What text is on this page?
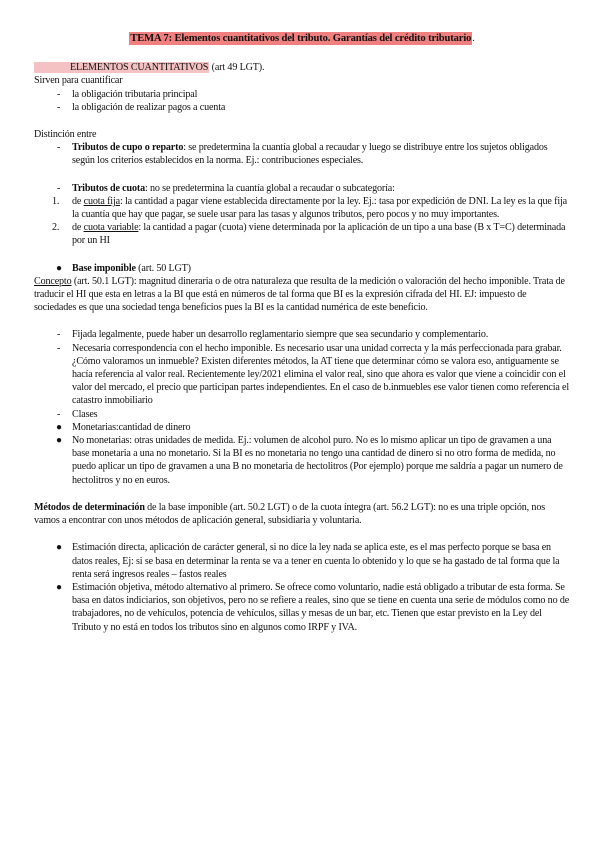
TEMA 7: Elementos cuantitativos del tributo. Garantías del crédito tributario.

ELEMENTOS CUANTITATIVOS (art 49 LGT).

Sirven para cuantificar

- la obligación tributaria principal
- la obligación de realizar pagos a cuenta

Distinción entre

- Tributos de cupo o reparto: se predetermina la cuantía global a recaudar y luego se distribuye entre los sujetos obligados según los criterios establecidos en la norma. Ej.: contribuciones especiales.
- Tributos de cuota: no se predetermina la cuantía global a recaudar o subcategoría:
1. de cuota fija: la cantidad a pagar viene establecida directamente por la ley. Ej.: tasa por expedición de DNI. La ley es la que fija la cuantía que hay que pagar, se suele usar para las tasas y algunos tributos, pero pocos y no muy importantes.
2. de cuota variable: la cantidad a pagar (cuota) viene determinada por la aplicación de un tipo a una base (B x T=C) determinada por un HI
● Base imponible (art. 50 LGT)

Concepto (art. 50.1 LGT): magnitud dineraria o de otra naturaleza que resulta de la medición o valoración del hecho imponible. Trata de traducir el HI que esta en letras a la BI que está en números de tal forma que BI es la expresión cifrada del HI. EJ: impuesto de sociedades es que una sociedad tenga beneficios pues la BI es la cantidad numérica de este beneficio.

- Fijada legalmente, puede haber un desarrollo reglamentario siempre que sea secundario y complementario.
- Necesaria correspondencia con el hecho imponible. Es necesario usar una unidad correcta y la más perfeccionada para grabar. ¿Cómo valoramos un inmueble? Existen diferentes métodos, la AT tiene que determinar cómo se valora eso, antiguamente se hacía referencia al valor real. Recientemente ley/2021 elimina el valor real, sino que ahora es valor que viene a coincidir con el valor del mercado, el precio que participan partes independientes. En el caso de b.inmuebles ese valor tienen como referencia el catastro inmobiliario
- Clases
● Monetarias:cantidad de dinero
● No monetarias: otras unidades de medida. Ej.: volumen de alcohol puro. No es lo mismo aplicar un tipo de gravamen a una base monetaria a una no monetario. Si la BI es no monetaria no tengo una cantidad de dinero si no otro forma de medida, no puedo aplicar un tipo de gravamen a una B no monetaria de hectolitros (Por ejemplo) porque me saldría a pagar un numero de hectolitros y no en euros.

Métodos de determinación de la base imponible (art. 50.2 LGT) o de la cuota íntegra (art. 56.2 LGT): no es una triple opción, nos vamos a encontrar con unos métodos de aplicación general, subsidiaria y voluntaria.

● Estimación directa, aplicación de carácter general, si no dice la ley nada se aplica este, es el mas perfecto porque se basa en datos reales, Ej: si se basa en determinar la renta se va a tener en cuenta lo obtenido y lo que se ha gastado de tal forma que la renta será ingresos reales – fastos reales
● Estimación objetiva, método alternativo al primero. Se ofrece como voluntario, nadie está obligado a tributar de esta forma. Se basa en datos indiciarios, son objetivos, pero no se refiere a reales, sino que se tiene en cuenta una serie de módulos como no de trabajadores, no de vehículos, potencia de vehículos, sillas y mesas de un bar, etc. Tienen que estar previsto en la Ley del Tributo y no está en todos los tributos sino en algunos como IRPF y IVA.
